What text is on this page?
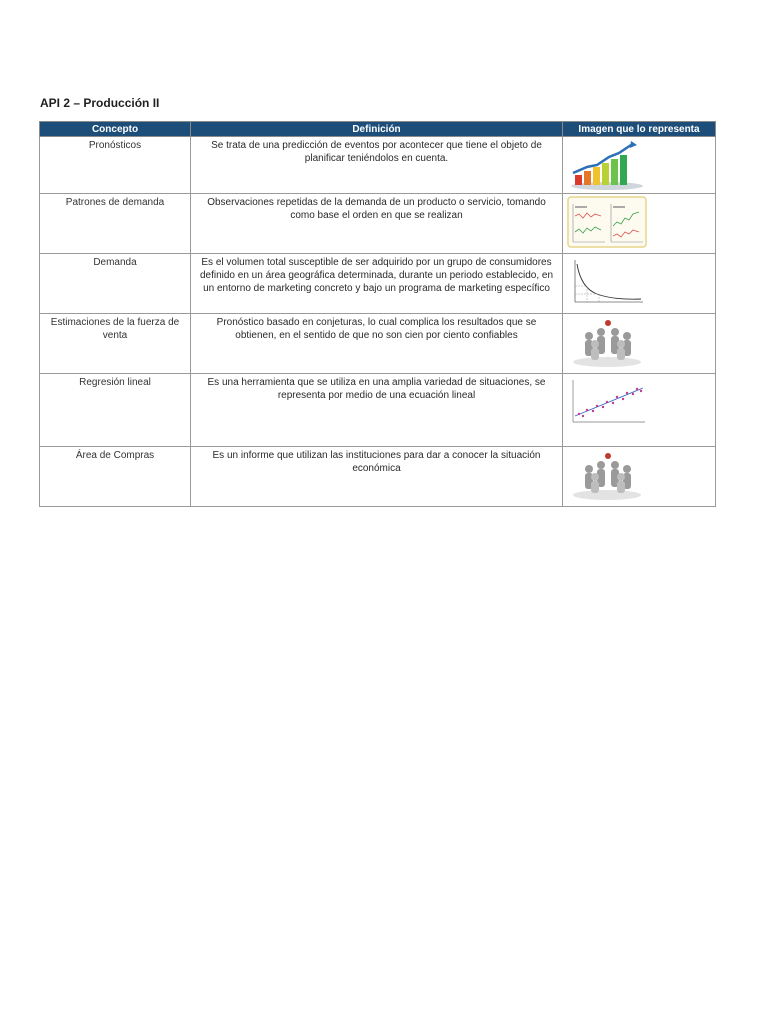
API 2 – Producción II
Concepto	Definición	Imagen que lo representa
Pronósticos	Se trata de una predicción de eventos por acontecer que tiene el objeto de planificar teniéndolos en cuenta.	

Patrones de demanda	Observaciones repetidas de la demanda de un producto o servicio, tomando como base el orden en que se realizan	

Demanda	Es el volumen total susceptible de ser adquirido por un grupo de consumidores definido en un área geográfica determinada, durante un periodo establecido, en un entorno de marketing concreto y bajo un programa de marketing específico	

Estimaciones de la fuerza de venta	Pronóstico basado en conjeturas, lo cual complica los resultados que se obtienen, en el sentido de que no son cien por ciento confiables	

Regresión lineal	Es una herramienta que se utiliza en una amplia variedad de situaciones, se representa por medio de una ecuación lineal	

Área de Compras	Es un informe que utilizan las instituciones para dar a conocer la situación económica	
